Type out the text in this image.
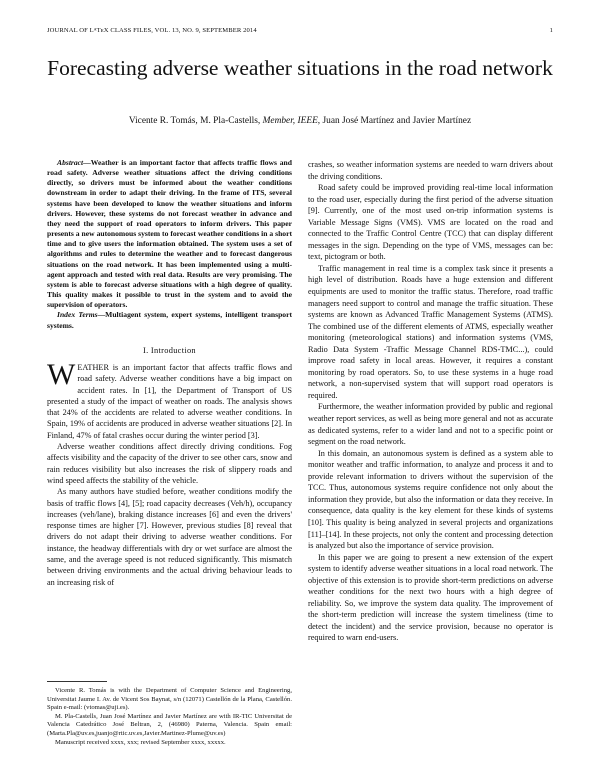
JOURNAL OF LᴬTᴇX CLASS FILES, VOL. 13, NO. 9, SEPTEMBER 2014	1
Forecasting adverse weather situations in the road network
Vicente R. Tomás, M. Pla-Castells, Member, IEEE, Juan José Martínez and Javier Martínez

Abstract—Weather is an important factor that affects traffic flows and road safety. Adverse weather situations affect the driving conditions directly, so drivers must be informed about the weather conditions downstream in order to adapt their driving. In the frame of ITS, several systems have been developed to know the weather situations and inform drivers. However, these systems do not forecast weather in advance and they need the support of road operators to inform drivers. This paper presents a new autonomous system to forecast weather conditions in a short time and to give users the information obtained. The system uses a set of algorithms and rules to determine the weather and to forecast dangerous situations on the road network. It has been implemented using a multi-agent approach and tested with real data. Results are very promising. The system is able to forecast adverse situations with a high degree of quality. This quality makes it possible to trust in the system and to avoid the supervision of operators.

Index Terms—Multiagent system, expert systems, intelligent transport systems.

I. Introduction

WEATHER is an important factor that affects traffic flows and road safety. Adverse weather conditions have a big impact on accident rates. In [1], the Department of Transport of US presented a study of the impact of weather on roads. The analysis shows that 24% of the accidents are related to adverse weather conditions. In Spain, 19% of accidents are produced in adverse weather situations [2]. In Finland, 47% of fatal crashes occur during the winter period [3].

Adverse weather conditions affect directly driving conditions. Fog affects visibility and the capacity of the driver to see other cars, snow and rain reduces visibility but also increases the risk of slippery roads and wind speed affects the stability of the vehicle.

As many authors have studied before, weather conditions modify the basis of traffic flows [4], [5]; road capacity decreases (Veh/h), occupancy increases (veh/lane), braking distance increases [6] and even the drivers' response times are higher [7]. However, previous studies [8] reveal that drivers do not adapt their driving to adverse weather conditions. For instance, the headway differentials with dry or wet surface are almost the same, and the average speed is not reduced significantly. This mismatch between driving environments and the actual driving behaviour leads to an increasing risk of

Vicente R. Tomás is with the Department of Computer Science and Engineering, Universitat Jaume I. Av. de Vicent Sos Baynat, s/n (12071) Castellón de la Plana, Castellón. Spain e-mail: (vtomas@uji.es).

M. Pla-Castells, Juan José Martínez and Javier Martínez are with IR-TIC Universitat de Valencia Catedrático José Beltran, 2, (46980) Paterna, Valencia. Spain email: (Marta.Pla@uv.es,juanjo@rtic.uv.es,Javier.Martinez-Plume@uv.es)

Manuscript received xxxx, xxx; revised September xxxx, xxxxx.

crashes, so weather information systems are needed to warn drivers about the driving conditions.

Road safety could be improved providing real-time local information to the road user, especially during the first period of the adverse situation [9]. Currently, one of the most used on-trip information systems is Variable Message Signs (VMS). VMS are located on the road and connected to the Traffic Control Centre (TCC) that can display different messages in the sign. Depending on the type of VMS, messages can be: text, pictogram or both.

Traffic management in real time is a complex task since it presents a high level of distribution. Roads have a huge extension and different equipments are used to monitor the traffic status. Therefore, road traffic managers need support to control and manage the traffic situation. These systems are known as Advanced Traffic Management Systems (ATMS). The combined use of the different elements of ATMS, especially weather monitoring (meteorological stations) and information systems (VMS, Radio Data System -Traffic Message Channel RDS-TMC...), could improve road safety in local areas. However, it requires a constant monitoring by road operators. So, to use these systems in a huge road network, a non-supervised system that will support road operators is required.

Furthermore, the weather information provided by public and regional weather report services, as well as being more general and not as accurate as dedicated systems, refer to a wider land and not to a specific point or segment on the road network.

In this domain, an autonomous system is defined as a system able to monitor weather and traffic information, to analyze and process it and to provide relevant information to drivers without the supervision of the TCC. Thus, autonomous systems require confidence not only about the information they provide, but also the information or data they receive. In consequence, data quality is the key element for these kinds of systems [10]. This quality is being analyzed in several projects and organizations [11]–[14]. In these projects, not only the content and processing detection is analyzed but also the importance of service provision.

In this paper we are going to present a new extension of the expert system to identify adverse weather situations in a local road network. The objective of this extension is to provide short-term predictions on adverse weather conditions for the next two hours with a high degree of reliability. So, we improve the system data quality. The improvement of the short-term prediction will increase the system timeliness (time to detect the incident) and the service provision, because no operator is required to warn end-users.
